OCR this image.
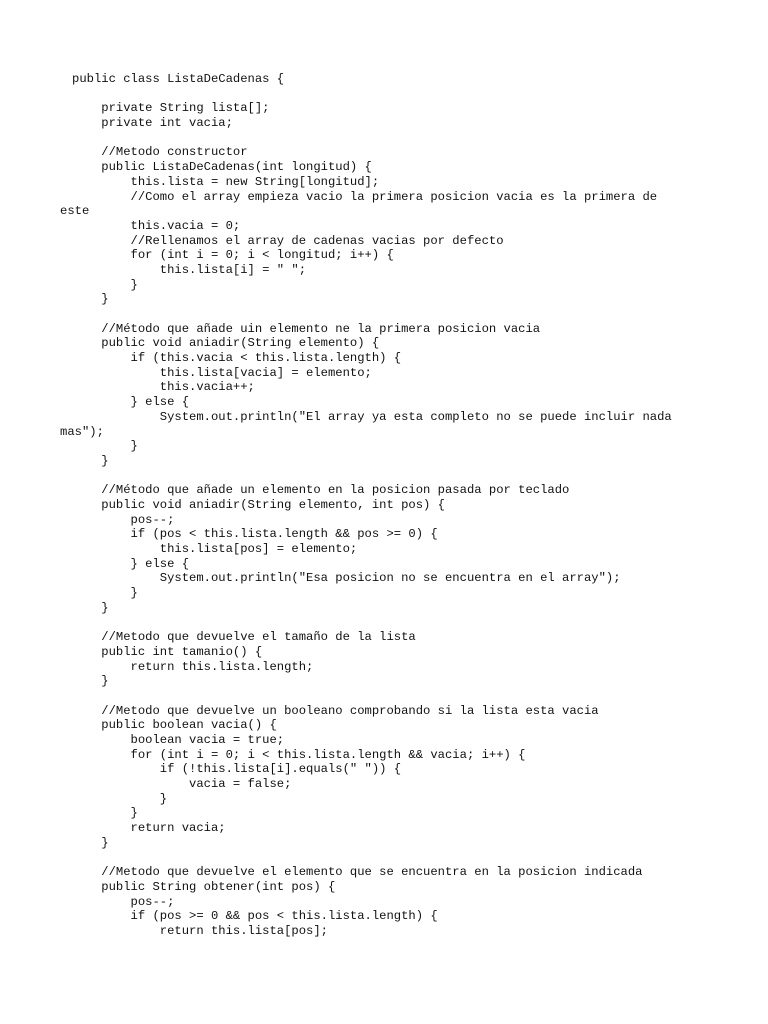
public class ListaDeCadenas {
private String lista[];
private int vacia;
//Metodo constructor
public ListaDeCadenas(int longitud) {
this.lista = new String[longitud];
//Como el array empieza vacio la primera posicion vacia es la primera de
este
this.vacia = 0;
//Rellenamos el array de cadenas vacias por defecto
for (int i = 0; i < longitud; i++) {
this.lista[i] = " ";
}
}
//Método que añade uin elemento ne la primera posicion vacia
public void aniadir(String elemento) {
if (this.vacia < this.lista.length) {
this.lista[vacia] = elemento;
this.vacia++;
} else {
System.out.println("El array ya esta completo no se puede incluir nada
mas");
}
}
//Método que añade un elemento en la posicion pasada por teclado
public void aniadir(String elemento, int pos) {
pos--;
if (pos < this.lista.length && pos >= 0) {
this.lista[pos] = elemento;
} else {
System.out.println("Esa posicion no se encuentra en el array");
}
}
//Metodo que devuelve el tamaño de la lista
public int tamanio() {
return this.lista.length;
}
//Metodo que devuelve un booleano comprobando si la lista esta vacia
public boolean vacia() {
boolean vacia = true;
for (int i = 0; i < this.lista.length && vacia; i++) {
if (!this.lista[i].equals(" ")) {
vacia = false;
}
}
return vacia;
}
//Metodo que devuelve el elemento que se encuentra en la posicion indicada
public String obtener(int pos) {
pos--;
if (pos >= 0 && pos < this.lista.length) {
return this.lista[pos];
